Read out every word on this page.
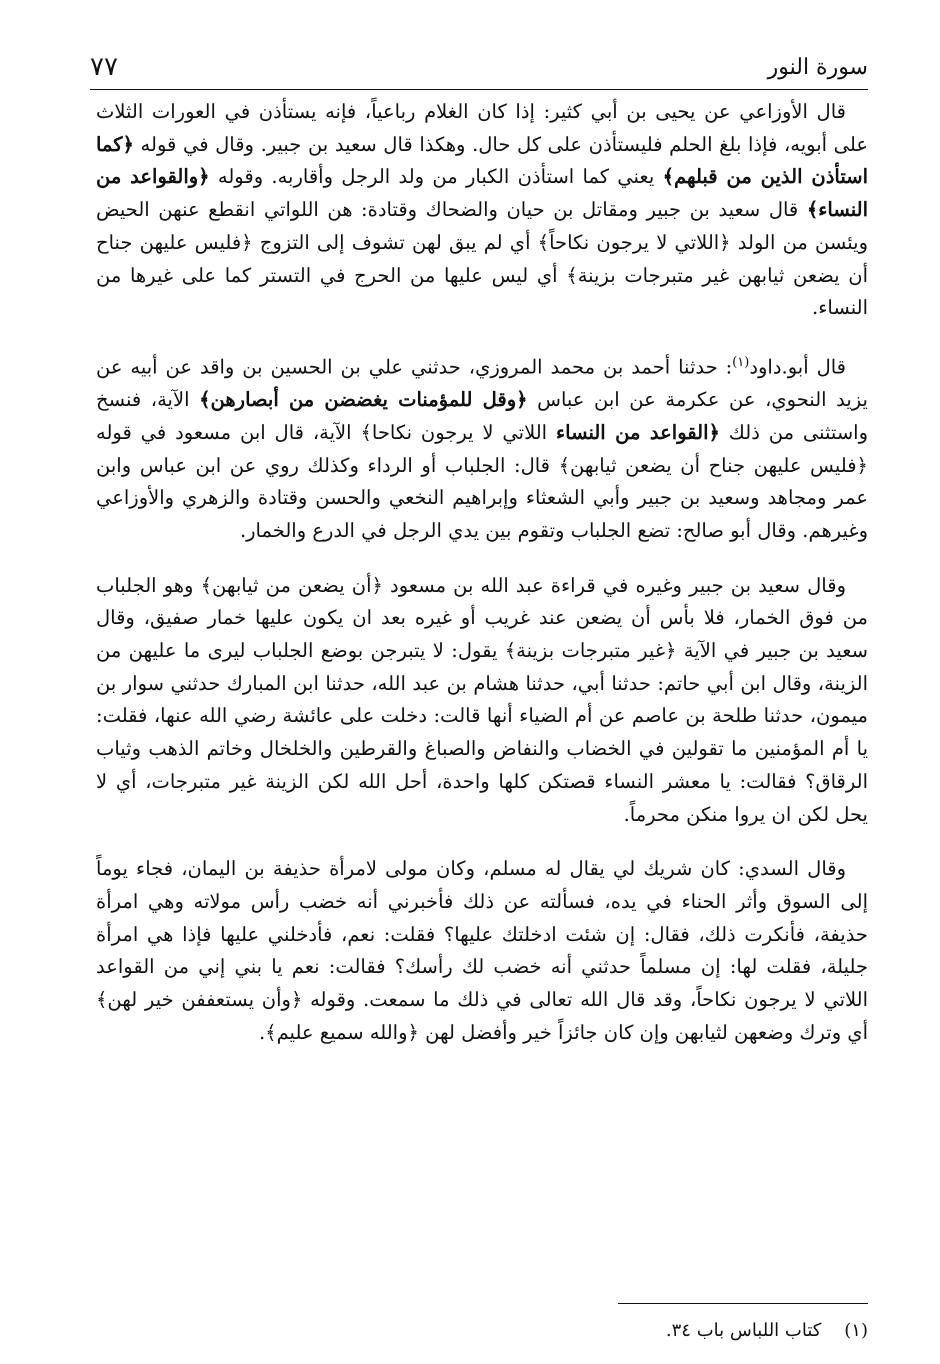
سورة النور
٧٧

قال الأوزاعي عن يحيى بن أبي كثير: إذا كان الغلام رباعياً، فإنه يستأذن في العورات الثلاث على أبويه، فإذا بلغ الحلم فليستأذن على كل حال. وهكذا قال سعيد بن جبير. وقال في قوله ﴿كما استأذن الذين من قبلهم﴾ يعني كما استأذن الكبار من ولد الرجل وأقاربه. وقوله ﴿والقواعد من النساء﴾ قال سعيد بن جبير ومقاتل بن حيان والضحاك وقتادة: هن اللواتي انقطع عنهن الحيض ويئسن من الولد ﴿اللاتي لا يرجون نكاحاً﴾ أي لم يبق لهن تشوف إلى التزوج ﴿فليس عليهن جناح أن يضعن ثيابهن غير متبرجات بزينة﴾ أي ليس عليها من الحرج في التستر كما على غيرها من النساء.

قال أبو.داود$^{(١)}$: حدثنا أحمد بن محمد المروزي، حدثني علي بن الحسين بن واقد عن أبيه عن يزيد النحوي، عن عكرمة عن ابن عباس ﴿وقل للمؤمنات يغضضن من أبصارهن﴾ الآية، فنسخ واستثنى من ذلك ﴿القواعد من النساء اللاتي لا يرجون نكاحا﴾ الآية، قال ابن مسعود في قوله ﴿فليس عليهن جناح أن يضعن ثيابهن﴾ قال: الجلباب أو الرداء وكذلك روي عن ابن عباس وابن عمر ومجاهد وسعيد بن جبير وأبي الشعثاء وإبراهيم النخعي والحسن وقتادة والزهري والأوزاعي وغيرهم. وقال أبو صالح: تضع الجلباب وتقوم بين يدي الرجل في الدرع والخمار.

وقال سعيد بن جبير وغيره في قراءة عبد الله بن مسعود ﴿أن يضعن من ثيابهن﴾ وهو الجلباب من فوق الخمار، فلا بأس أن يضعن عند غريب أو غيره بعد ان يكون عليها خمار صفيق، وقال سعيد بن جبير في الآية ﴿غير متبرجات بزينة﴾ يقول: لا يتبرجن بوضع الجلباب ليرى ما عليهن من الزينة، وقال ابن أبي حاتم: حدثنا أبي، حدثنا هشام بن عبد الله، حدثنا ابن المبارك حدثني سوار بن ميمون، حدثنا طلحة بن عاصم عن أم الضياء أنها قالت: دخلت على عائشة رضي الله عنها، فقلت: يا أم المؤمنين ما تقولين في الخضاب والنفاض والصباغ والقرطين والخلخال وخاتم الذهب وثياب الرقاق؟ فقالت: يا معشر النساء قصتكن كلها واحدة، أحل الله لكن الزينة غير متبرجات، أي لا يحل لكن ان يروا منكن محرماً.

وقال السدي: كان شريك لي يقال له مسلم، وكان مولى لامرأة حذيفة بن اليمان، فجاء يوماً إلى السوق وأثر الحناء في يده، فسألته عن ذلك فأخبرني أنه خضب رأس مولاته وهي امرأة حذيفة، فأنكرت ذلك، فقال: إن شئت ادخلتك عليها؟ فقلت: نعم، فأدخلني عليها فإذا هي امرأة جليلة، فقلت لها: إن مسلماً حدثني أنه خضب لك رأسك؟ فقالت: نعم يا بني إني من القواعد اللاتي لا يرجون نكاحاً، وقد قال الله تعالى في ذلك ما سمعت. وقوله ﴿وأن يستعففن خير لهن﴾ أي وترك وضعهن لثيابهن وإن كان جائزاً خير وأفضل لهن ﴿والله سميع عليم﴾.

(١)    كتاب اللباس باب ٣٤.
